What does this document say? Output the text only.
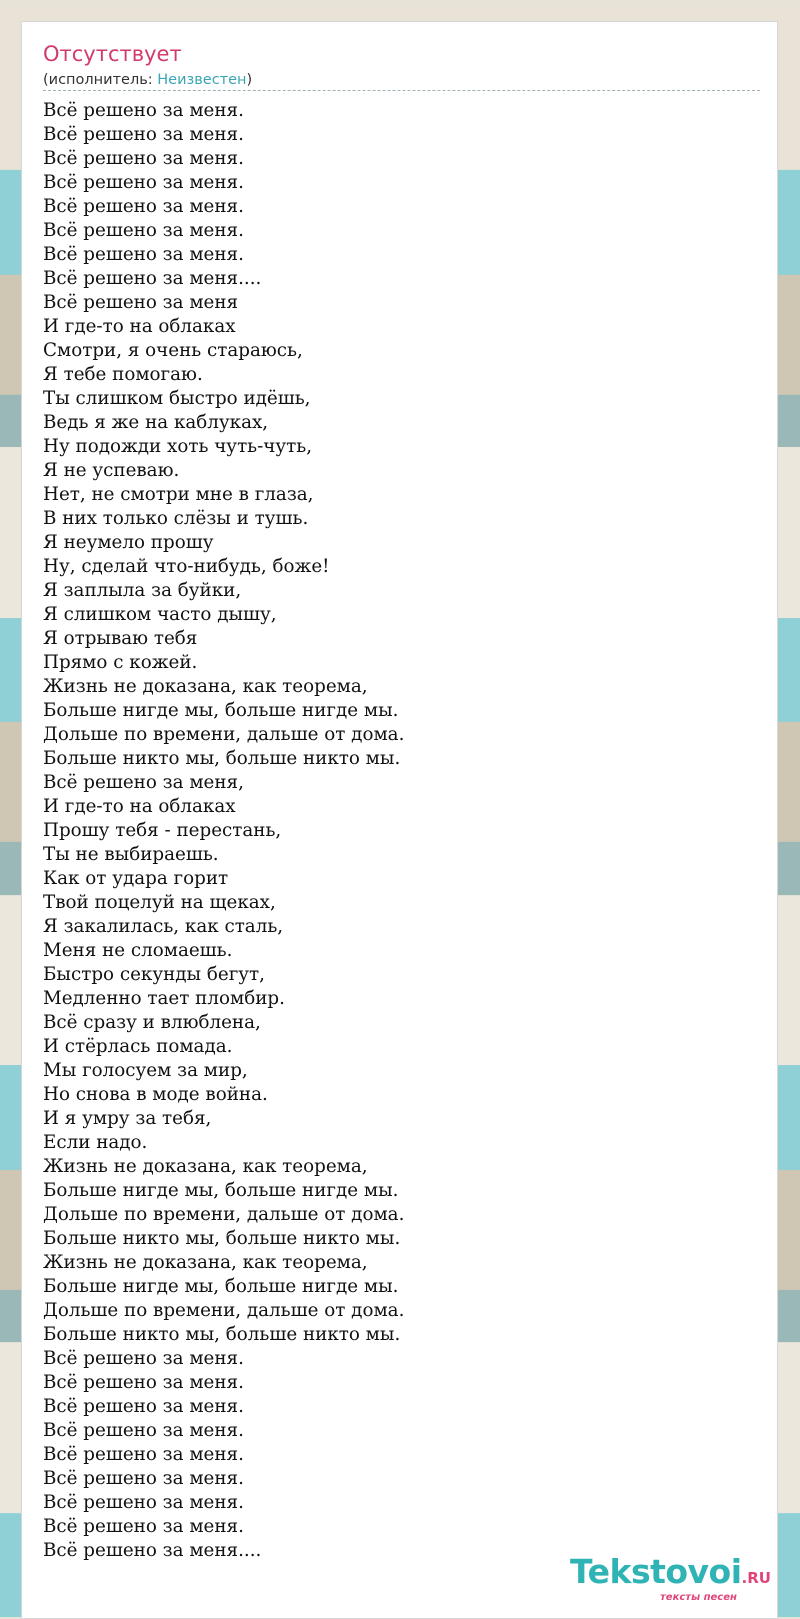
Отсутствует
(исполнитель: Неизвестен)
Всё решено за меня.
Всё решено за меня.
Всё решено за меня.
Всё решено за меня.
Всё решено за меня.
Всё решено за меня.
Всё решено за меня.
Всё решено за меня....
Всё решено за меня
И где-то на облаках
Смотри, я очень стараюсь,
Я тебе помогаю.
Ты слишком быстро идёшь,
Ведь я же на каблуках,
Ну подожди хоть чуть-чуть,
Я не успеваю.
Нет, не смотри мне в глаза,
В них только слёзы и тушь.
Я неумело прошу
Ну, сделай что-нибудь, боже!
Я заплыла за буйки,
Я слишком часто дышу,
Я отрываю тебя
Прямо с кожей.
Жизнь не доказана, как теорема,
Больше нигде мы, больше нигде мы.
Дольше по времени, дальше от дома.
Больше никто мы, больше никто мы.
Всё решено за меня,
И где-то на облаках
Прошу тебя - перестань,
Ты не выбираешь.
Как от удара горит
Твой поцелуй на щеках,
Я закалилась, как сталь,
Меня не сломаешь.
Быстро секунды бегут,
Медленно тает пломбир.
Всё сразу и влюблена,
И стёрлась помада.
Мы голосуем за мир,
Но снова в моде война.
И я умру за тебя,
Если надо.
Жизнь не доказана, как теорема,
Больше нигде мы, больше нигде мы.
Дольше по времени, дальше от дома.
Больше никто мы, больше никто мы.
Жизнь не доказана, как теорема,
Больше нигде мы, больше нигде мы.
Дольше по времени, дальше от дома.
Больше никто мы, больше никто мы.
Всё решено за меня.
Всё решено за меня.
Всё решено за меня.
Всё решено за меня.
Всё решено за меня.
Всё решено за меня.
Всё решено за меня.
Всё решено за меня.
Всё решено за меня....
Tekstovoi.RU
тексты песен
